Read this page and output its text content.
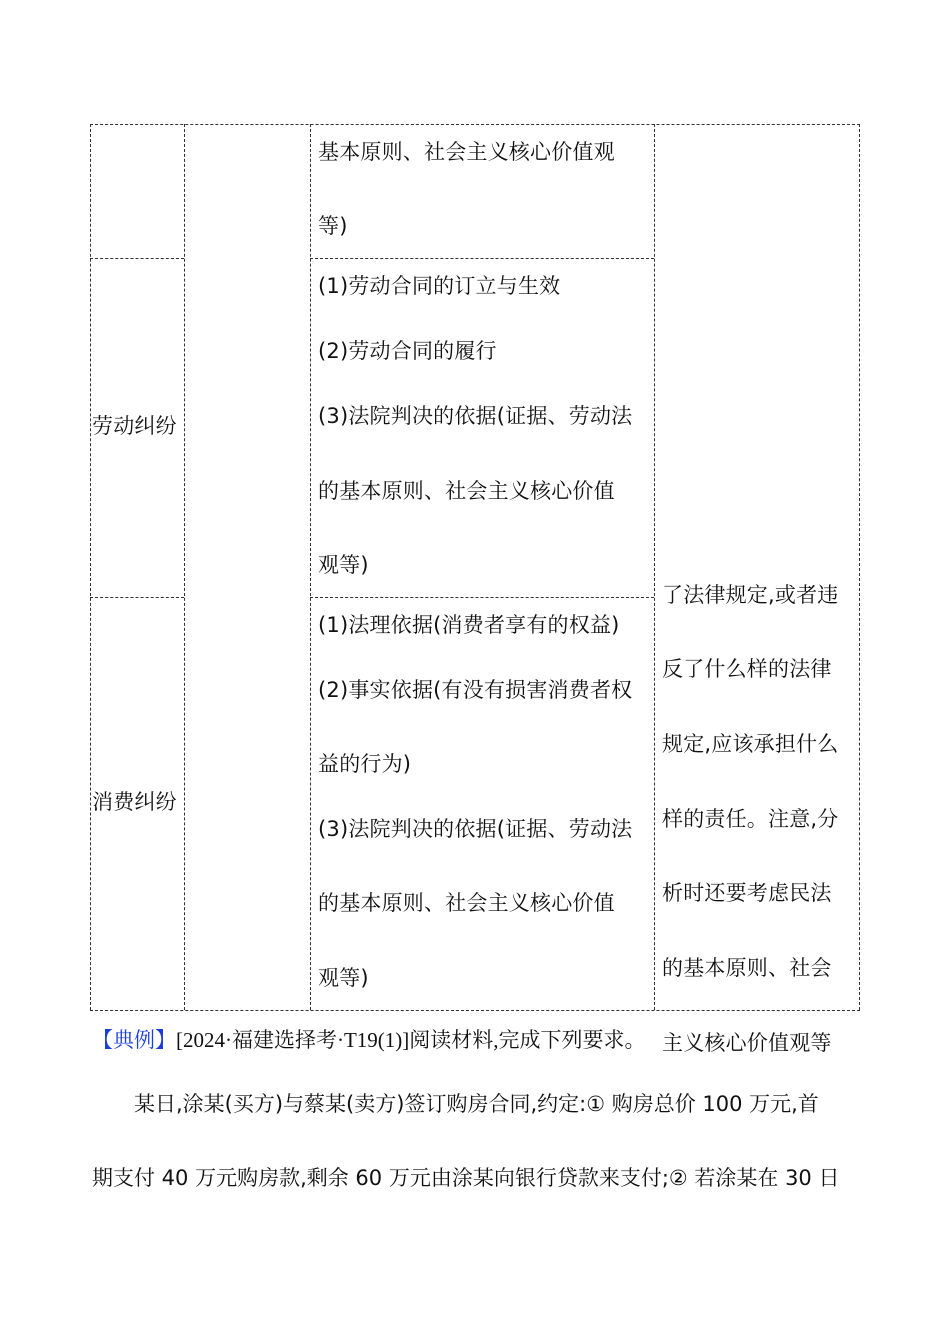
基本原则、社会主义核心价值观
等)
劳动纠纷
(1)劳动合同的订立与生效
(2)劳动合同的履行
(3)法院判决的依据(证据、劳动法
的基本原则、社会主义核心价值
观等)
消费纠纷
(1)法理依据(消费者享有的权益)
(2)事实依据(有没有损害消费者权
益的行为)
(3)法院判决的依据(证据、劳动法
的基本原则、社会主义核心价值
观等)
了法律规定,或者违
反了什么样的法律
规定,应该承担什么
样的责任。注意,分
析时还要考虑民法
的基本原则、社会
主义核心价值观等
【典例】[2024·福建选择考·T19(1)]阅读材料,完成下列要求。
某日,涂某(买方)与蔡某(卖方)签订购房合同,约定:① 购房总价 100 万元,首
期支付 40 万元购房款,剩余 60 万元由涂某向银行贷款来支付;② 若涂某在 30 日
